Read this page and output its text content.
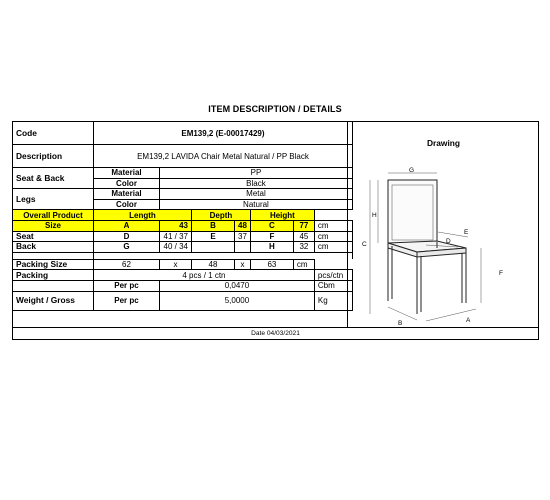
ITEM DESCRIPTION / DETAILS
Code	EM139,2 (E-00017429)						
Description	EM139,2 LAVIDA Chair Metal Natural / PP Black						
Seat & Back	Material	PP					
	Color	Black					
Legs	Material	Metal					
	Color	Natural					
Overall Product	Length		Depth		Height		
Size	A	43	B	48	C	77	cm
Seat	D	41 / 37	E	37	F	45	cm
Back	G	40 / 34			H	32	cm

Packing Size	62	x	48	x	63	cm	
Packing	4 pcs / 1 ctn						pcs/ctn
	Per pc	0,0470					Cbm
Weight / Gross	Per pc	5,0000					Kg
Drawing
G
H
C
E
D
F
B	A
Date 04/03/2021
